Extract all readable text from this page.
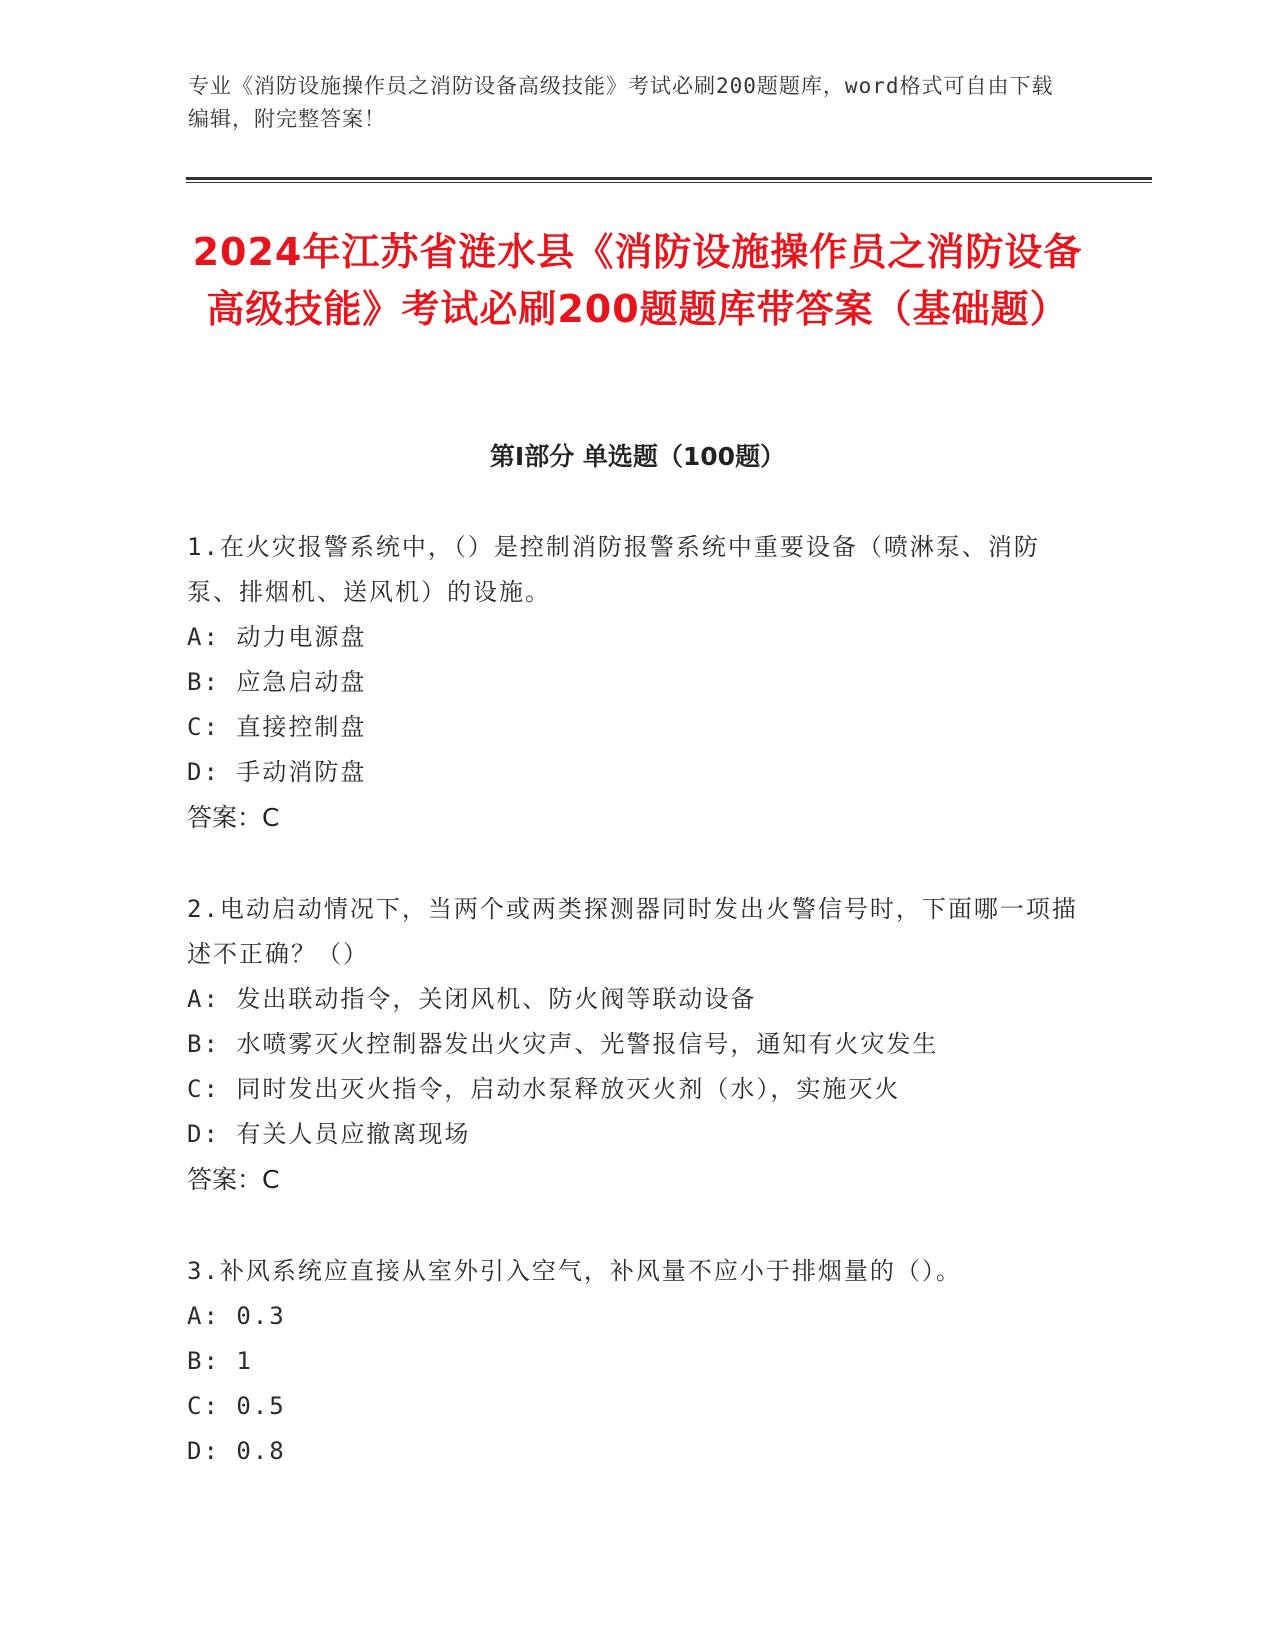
专业《消防设施操作员之消防设备高级技能》考试必刷200题题库，word格式可自由下载编辑，附完整答案！
2024年江苏省涟水县《消防设施操作员之消防设备高级技能》考试必刷200题题库带答案（基础题）
第I部分 单选题（100题）
1.在火灾报警系统中，（）是控制消防报警系统中重要设备（喷淋泵、消防泵、排烟机、送风机）的设施。
A: 动力电源盘
B: 应急启动盘
C: 直接控制盘
D: 手动消防盘
答案：C
2.电动启动情况下，当两个或两类探测器同时发出火警信号时，下面哪一项描述不正确？（）
A: 发出联动指令，关闭风机、防火阀等联动设备
B: 水喷雾灭火控制器发出火灾声、光警报信号，通知有火灾发生
C: 同时发出灭火指令，启动水泵释放灭火剂（水），实施灭火
D: 有关人员应撤离现场
答案：C
3.补风系统应直接从室外引入空气，补风量不应小于排烟量的（）。
A: 0.3
B: 1
C: 0.5
D: 0.8
